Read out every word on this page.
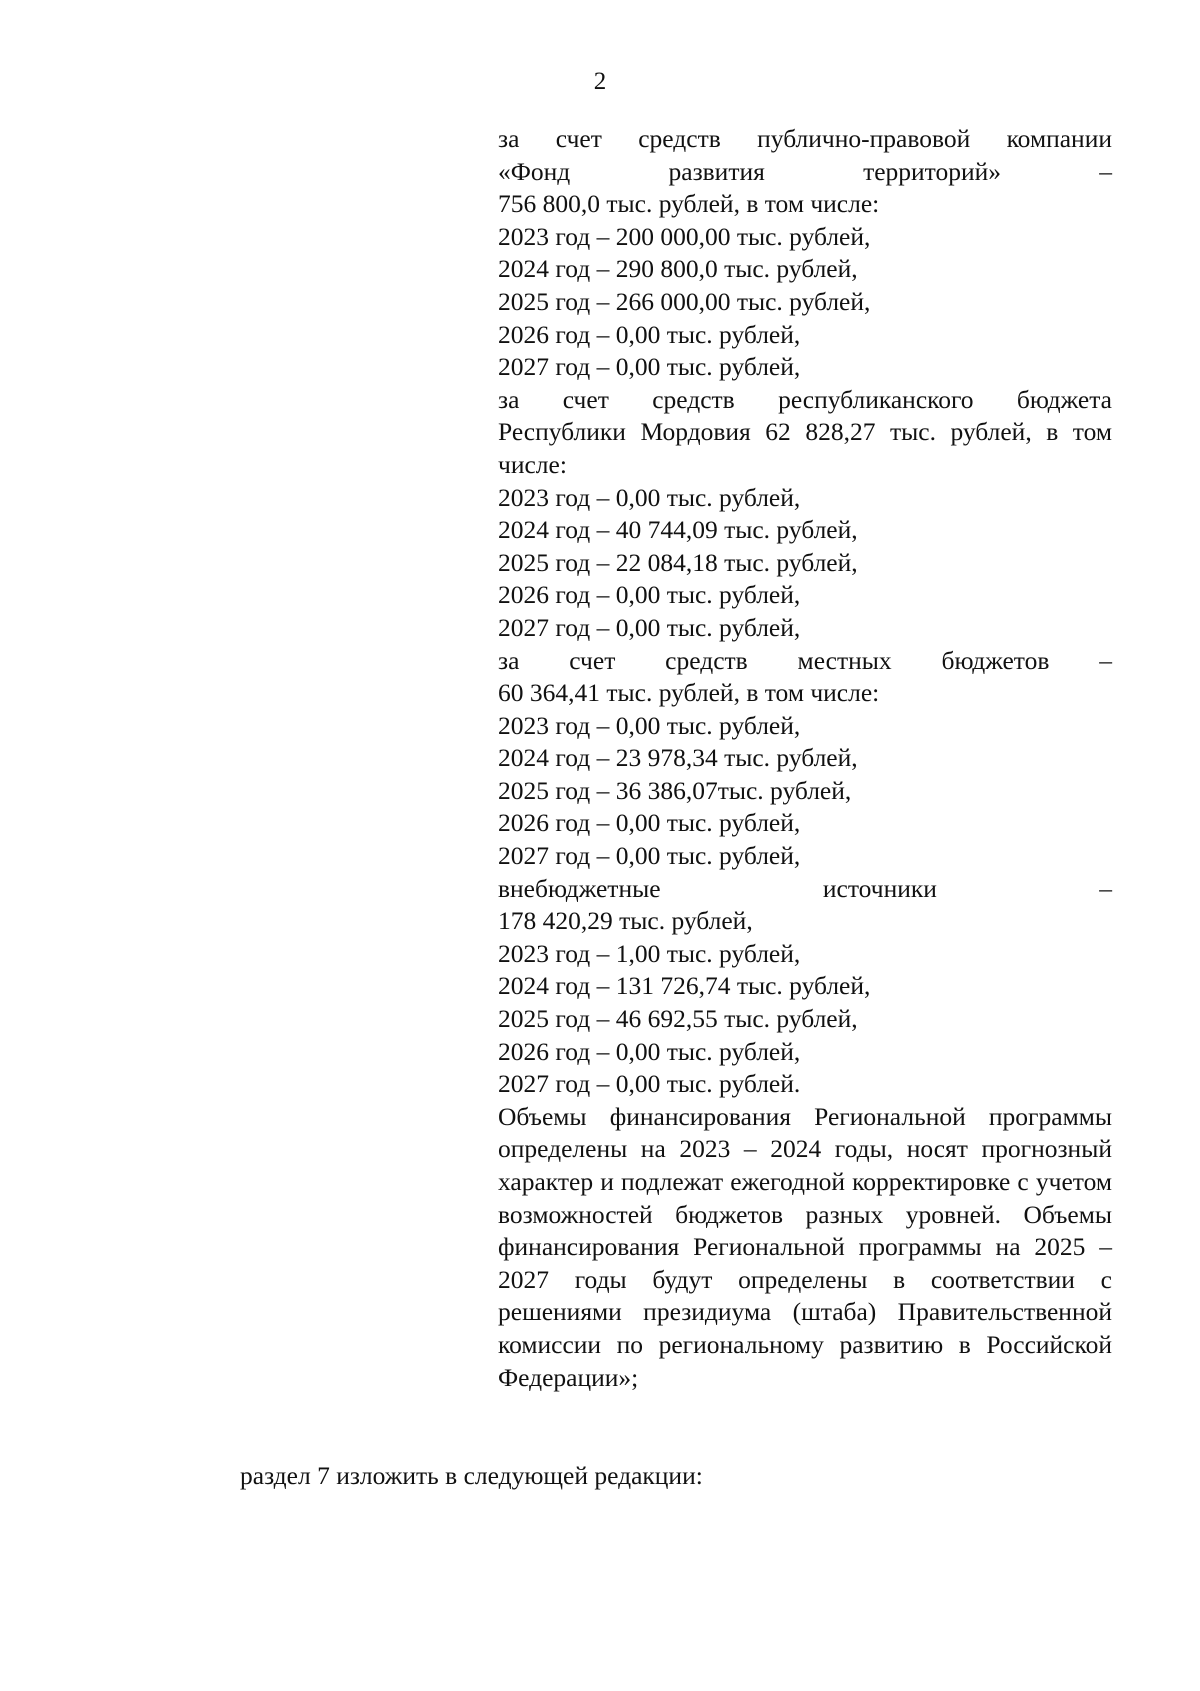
2
за счет средств публично-правовой компании
«Фонд	развития	территорий»	–
756 800,0 тыс. рублей, в том числе:
2023 год – 200 000,00 тыс. рублей,
2024 год – 290 800,0 тыс. рублей,
2025 год – 266 000,00 тыс. рублей,
2026 год – 0,00 тыс. рублей,
2027 год – 0,00 тыс. рублей,
за счет средств республиканского бюджета
Республики Мордовия 62 828,27 тыс. рублей, в том
числе:
2023 год – 0,00 тыс. рублей,
2024 год – 40 744,09 тыс. рублей,
2025 год – 22 084,18 тыс. рублей,
2026 год – 0,00 тыс. рублей,
2027 год – 0,00 тыс. рублей,
за счет средств местных бюджетов –
60 364,41 тыс. рублей, в том числе:
2023 год – 0,00 тыс. рублей,
2024 год – 23 978,34 тыс. рублей,
2025 год – 36 386,07тыс. рублей,
2026 год – 0,00 тыс. рублей,
2027 год – 0,00 тыс. рублей,
внебюджетные источники –
178 420,29 тыс. рублей,
2023 год – 1,00 тыс. рублей,
2024 год – 131 726,74 тыс. рублей,
2025 год – 46 692,55 тыс. рублей,
2026 год – 0,00 тыс. рублей,
2027 год – 0,00 тыс. рублей.
Объемы финансирования Региональной программы определены на 2023 – 2024 годы, носят прогнозный характер и подлежат ежегодной корректировке с учетом возможностей бюджетов разных уровней. Объемы финансирования Региональной программы на 2025 – 2027 годы будут определены в соответствии с решениями президиума (штаба) Правительственной комиссии по региональному развитию в Российской Федерации»;
раздел 7 изложить в следующей редакции:
